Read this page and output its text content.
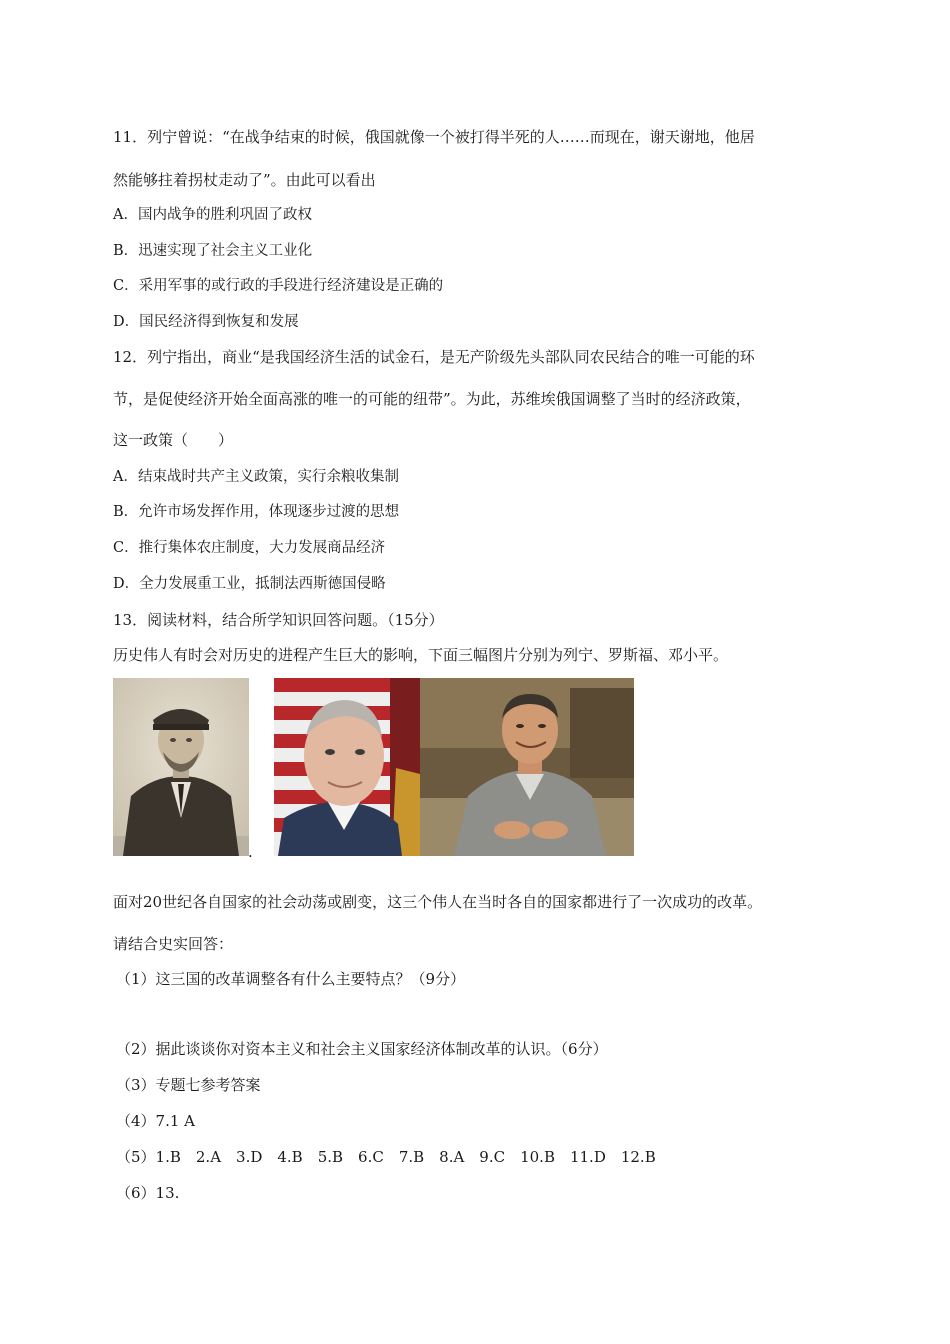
11．列宁曾说：“在战争结束的时候，俄国就像一个被打得半死的人……而现在，谢天谢地，他居
然能够拄着拐杖走动了”。由此可以看出
A．国内战争的胜利巩固了政权
B．迅速实现了社会主义工业化
C．采用军事的或行政的手段进行经济建设是正确的
D．国民经济得到恢复和发展
12．列宁指出，商业“是我国经济生活的试金石，是无产阶级先头部队同农民结合的唯一可能的环
节，是促使经济开始全面高涨的唯一的可能的纽带”。为此，苏维埃俄国调整了当时的经济政策，
这一政策（　　）
A．结束战时共产主义政策，实行余粮收集制
B．允许市场发挥作用，体现逐步过渡的思想
C．推行集体农庄制度，大力发展商品经济
D．全力发展重工业，抵制法西斯德国侵略
13．阅读材料，结合所学知识回答问题。（15分）
历史伟人有时会对历史的进程产生巨大的影响，下面三幅图片分别为列宁、罗斯福、邓小平。
.
面对20世纪各自国家的社会动荡或剧变，这三个伟人在当时各自的国家都进行了一次成功的改革。
请结合史实回答：
（1）这三国的改革调整各有什么主要特点？（9分）
（2）据此谈谈你对资本主义和社会主义国家经济体制改革的认识。（6分）
（3）专题七参考答案
（4）7.1 A
（5）1.B　2.A　3.D　4.B　5.B　6.C　7.B　8.A　9.C　10.B　11.D　12.B
（6）13.
